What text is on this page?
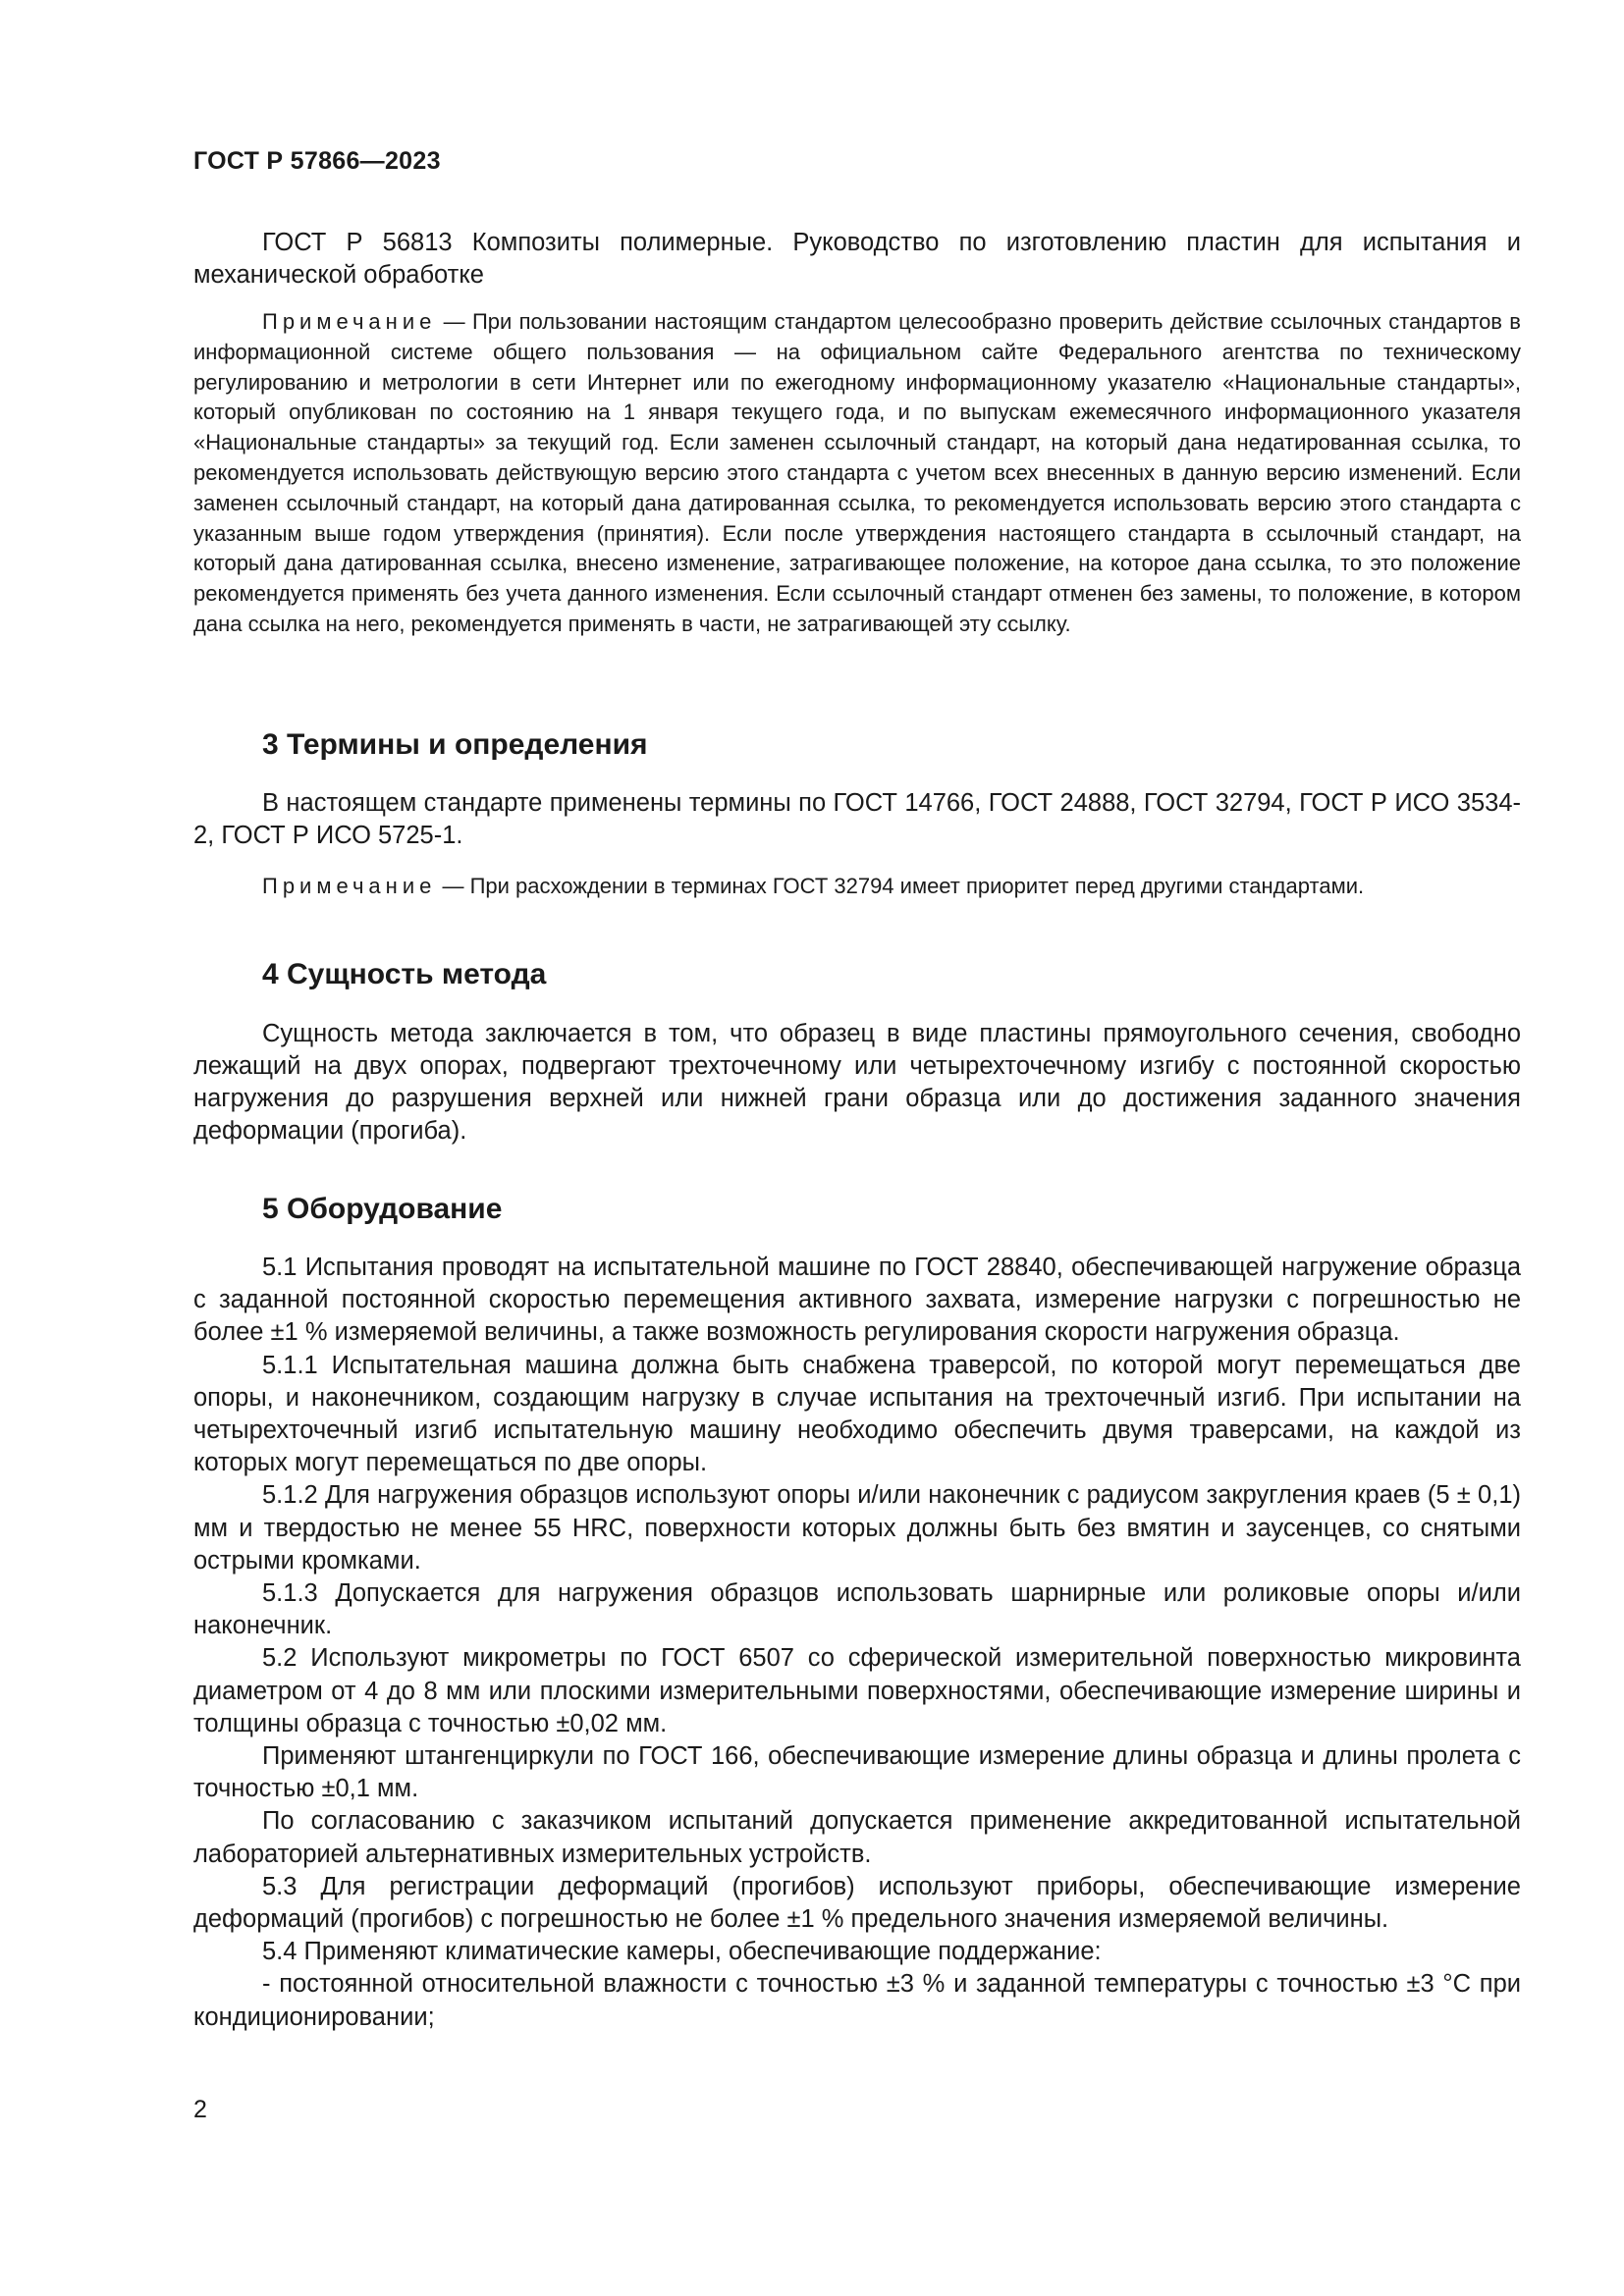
ГОСТ Р 57866—2023

ГОСТ Р 56813 Композиты полимерные. Руководство по изготовлению пластин для испытания и механической обработке

Примечание — При пользовании настоящим стандартом целесообразно проверить действие ссылочных стандартов в информационной системе общего пользования — на официальном сайте Федерального агентства по техническому регулированию и метрологии в сети Интернет или по ежегодному информационному указателю «Национальные стандарты», который опубликован по состоянию на 1 января текущего года, и по выпускам ежемесячного информационного указателя «Национальные стандарты» за текущий год. Если заменен ссылочный стандарт, на который дана недатированная ссылка, то рекомендуется использовать действующую версию этого стандарта с учетом всех внесенных в данную версию изменений. Если заменен ссылочный стандарт, на который дана датированная ссылка, то рекомендуется использовать версию этого стандарта с указанным выше годом утверждения (принятия). Если после утверждения настоящего стандарта в ссылочный стандарт, на который дана датированная ссылка, внесено изменение, затрагивающее положение, на которое дана ссылка, то это положение рекомендуется применять без учета данного изменения. Если ссылочный стандарт отменен без замены, то положение, в котором дана ссылка на него, рекомендуется применять в части, не затрагивающей эту ссылку.

3 Термины и определения

В настоящем стандарте применены термины по ГОСТ 14766, ГОСТ 24888, ГОСТ 32794, ГОСТ Р ИСО 3534-2, ГОСТ Р ИСО 5725-1.

Примечание — При расхождении в терминах ГОСТ 32794 имеет приоритет перед другими стандартами.

4 Сущность метода

Сущность метода заключается в том, что образец в виде пластины прямоугольного сечения, свободно лежащий на двух опорах, подвергают трехточечному или четырехточечному изгибу с постоянной скоростью нагружения до разрушения верхней или нижней грани образца или до достижения заданного значения деформации (прогиба).

5 Оборудование

5.1 Испытания проводят на испытательной машине по ГОСТ 28840, обеспечивающей нагружение образца с заданной постоянной скоростью перемещения активного захвата, измерение нагрузки с погрешностью не более ±1 % измеряемой величины, а также возможность регулирования скорости нагружения образца.

5.1.1 Испытательная машина должна быть снабжена траверсой, по которой могут перемещаться две опоры, и наконечником, создающим нагрузку в случае испытания на трехточечный изгиб. При испытании на четырехточечный изгиб испытательную машину необходимо обеспечить двумя траверсами, на каждой из которых могут перемещаться по две опоры.

5.1.2 Для нагружения образцов используют опоры и/или наконечник с радиусом закругления краев (5 ± 0,1) мм и твердостью не менее 55 HRC, поверхности которых должны быть без вмятин и заусенцев, со снятыми острыми кромками.

5.1.3 Допускается для нагружения образцов использовать шарнирные или роликовые опоры и/или наконечник.

5.2 Используют микрометры по ГОСТ 6507 со сферической измерительной поверхностью микровинта диаметром от 4 до 8 мм или плоскими измерительными поверхностями, обеспечивающие измерение ширины и толщины образца с точностью ±0,02 мм.

Применяют штангенциркули по ГОСТ 166, обеспечивающие измерение длины образца и длины пролета с точностью ±0,1 мм.

По согласованию с заказчиком испытаний допускается применение аккредитованной испытательной лабораторией альтернативных измерительных устройств.

5.3 Для регистрации деформаций (прогибов) используют приборы, обеспечивающие измерение деформаций (прогибов) с погрешностью не более ±1 % предельного значения измеряемой величины.

5.4 Применяют климатические камеры, обеспечивающие поддержание:

- постоянной относительной влажности с точностью ±3 % и заданной температуры с точностью ±3 °С при кондиционировании;

2
